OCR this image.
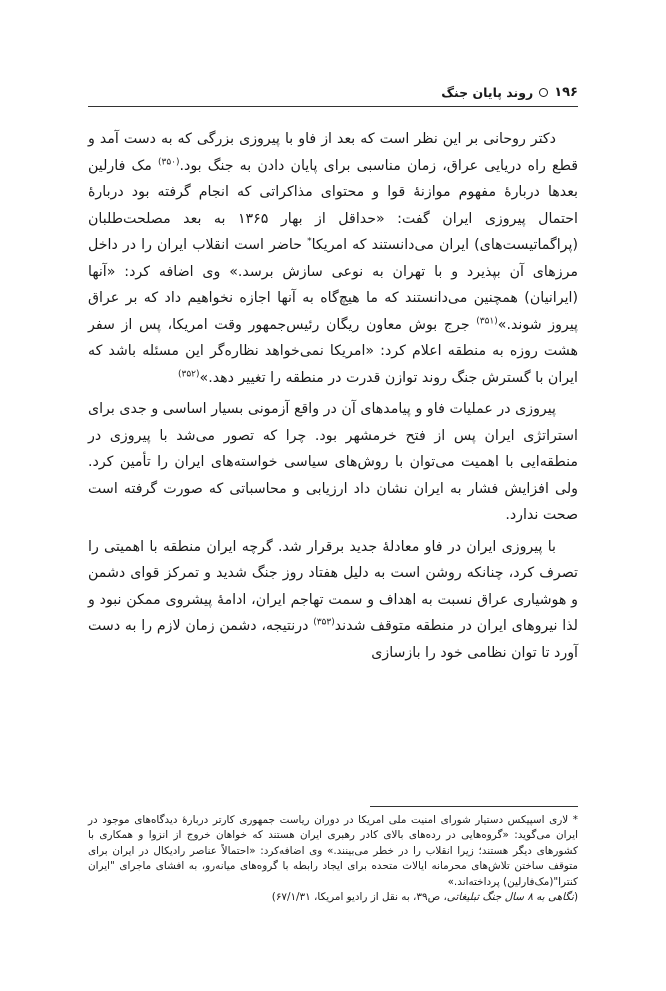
۱۹۶
روند پایان جنگ

دکتر روحانی بر این نظر است که بعد از فاو با پیروزی بزرگی که به دست آمد و قطع راه دریایی عراق، زمان مناسبی برای پایان دادن به جنگ بود.$^{(۳۵۰)}$ مک فارلین بعدها دربارهٔ مفهوم موازنهٔ قوا و محتوای مذاکراتی که انجام گرفته بود دربارهٔ احتمال پیروزی ایران گفت: «حداقل از بهار ۱۳۶۵ به بعد مصلحت‌طلبان (پراگماتیست‌های) ایران می‌دانستند که امریکا* حاضر است انقلاب ایران را در داخل مرزهای آن بپذیرد و با تهران به نوعی سازش برسد.» وی اضافه کرد: «آنها (ایرانیان) همچنین می‌دانستند که ما هیچ‌گاه به آنها اجازه نخواهیم داد که بر عراق پیروز شوند.»$^{(۳۵۱)}$ جرج بوش معاون ریگان رئیس‌جمهور وقت امریکا، پس از سفر هشت روزه به منطقه اعلام کرد: «امریکا نمی‌خواهد نظاره‌گر این مسئله باشد که ایران با گسترش جنگ روند توازن قدرت در منطقه را تغییر دهد.»$^{(۳۵۲)}$

پیروزی در عملیات فاو و پیامدهای آن در واقع آزمونی بسیار اساسی و جدی برای استراتژی ایران پس از فتح خرمشهر بود. چرا که تصور می‌شد با پیروزی در منطقه‌ایی با اهمیت می‌توان با روش‌های سیاسی خواسته‌های ایران را تأمین کرد. ولی افزایش فشار به ایران نشان داد ارزیابی و محاسباتی که صورت گرفته است صحت ندارد.

با پیروزی ایران در فاو معادلهٔ جدید برقرار شد. گرچه ایران منطقه با اهمیتی را تصرف کرد، چنانکه روشن است به دلیل هفتاد روز جنگ شدید و تمرکز قوای دشمن و هوشیاری عراق نسبت به اهداف و سمت تهاجم ایران، ادامهٔ پیشروی ممکن نبود و لذا نیروهای ایران در منطقه متوقف شدند$^{(۳۵۳)}$ درنتیجه، دشمن زمان لازم را به دست آورد تا توان نظامی خود را بازسازی

* لاری اسپیکس دستیار شورای امنیت ملی امریکا در دوران ریاست جمهوری کارتر دربارهٔ دیدگاه‌های موجود در ایران می‌گوید: «گروه‌هایی در رده‌های بالای کادر رهبری ایران هستند که خواهان خروج از انزوا و همکاری با کشورهای دیگر هستند؛ زیرا انقلاب را در خطر می‌بینند.» وی اضافه‌کرد: «احتمالاً عناصر رادیکال در ایران برای متوقف ساختن تلاش‌های محرمانه ایالات متحده برای ایجاد رابطه با گروه‌های میانه‌رو، به افشای ماجرای "ایران کنترا"(مک‌فارلین) پرداخته‌اند.»

(نگاهی به ۸ سال جنگ تبلیغاتی، ص۳۹، به نقل از رادیو امریکا، ۶۷/۱/۳۱)
